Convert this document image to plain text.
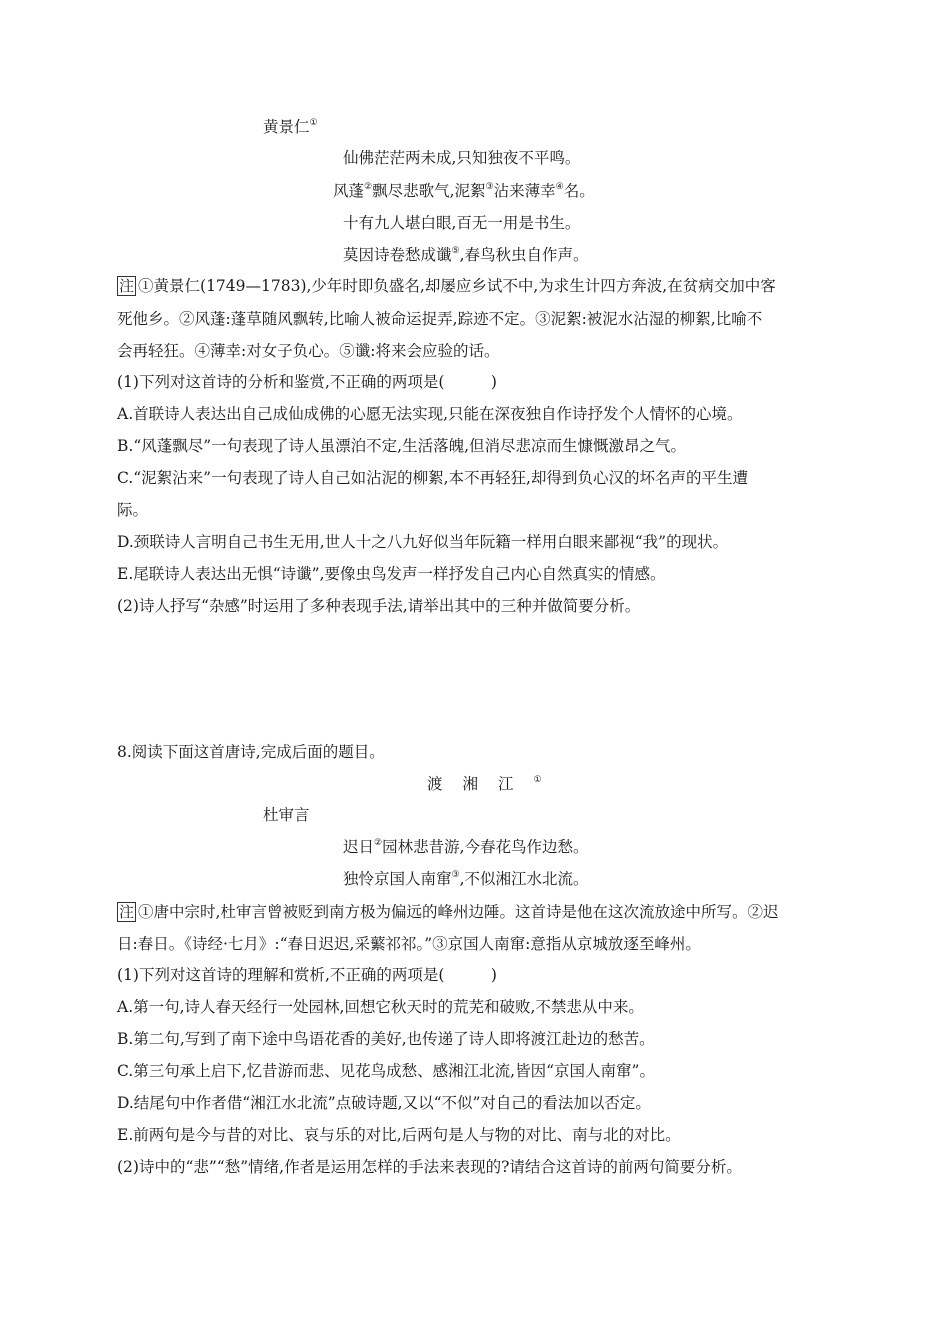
黄景仁①
仙佛茫茫两未成,只知独夜不平鸣。
风蓬②飘尽悲歌气,泥絮③沾来薄幸④名。
十有九人堪白眼,百无一用是书生。
莫因诗卷愁成谶⑤,春鸟秋虫自作声。
注 ①黄景仁(1749—1783),少年时即负盛名,却屡应乡试不中,为求生计四方奔波,在贫病交加中客
死他乡。②风蓬:蓬草随风飘转,比喻人被命运捉弄,踪迹不定。③泥絮:被泥水沾湿的柳絮,比喻不
会再轻狂。④薄幸:对女子负心。⑤谶:将来会应验的话。
(1)下列对这首诗的分析和鉴赏,不正确的两项是(　　　)
A.首联诗人表达出自己成仙成佛的心愿无法实现,只能在深夜独自作诗抒发个人情怀的心境。
B.“风蓬飘尽”一句表现了诗人虽漂泊不定,生活落魄,但消尽悲凉而生慷慨激昂之气。
C.“泥絮沾来”一句表现了诗人自己如沾泥的柳絮,本不再轻狂,却得到负心汉的坏名声的平生遭
际。
D.颈联诗人言明自己书生无用,世人十之八九好似当年阮籍一样用白眼来鄙视“我”的现状。
E.尾联诗人表达出无惧“诗谶”,要像虫鸟发声一样抒发自己内心自然真实的情感。
(2)诗人抒写“杂感”时运用了多种表现手法,请举出其中的三种并做简要分析。
8.阅读下面这首唐诗,完成后面的题目。
渡湘江①
杜审言
迟日②园林悲昔游,今春花鸟作边愁。
独怜京国人南窜③,不似湘江水北流。
注 ①唐中宗时,杜审言曾被贬到南方极为偏远的峰州边陲。这首诗是他在这次流放途中所写。②迟
日:春日。《诗经·七月》:“春日迟迟,采蘩祁祁。”③京国人南窜:意指从京城放逐至峰州。
(1)下列对这首诗的理解和赏析,不正确的两项是(　　　)
A.第一句,诗人春天经行一处园林,回想它秋天时的荒芜和破败,不禁悲从中来。
B.第二句,写到了南下途中鸟语花香的美好,也传递了诗人即将渡江赴边的愁苦。
C.第三句承上启下,忆昔游而悲、见花鸟成愁、感湘江北流,皆因“京国人南窜”。
D.结尾句中作者借“湘江水北流”点破诗题,又以“不似”对自己的看法加以否定。
E.前两句是今与昔的对比、哀与乐的对比,后两句是人与物的对比、南与北的对比。
(2)诗中的“悲”“愁”情绪,作者是运用怎样的手法来表现的?请结合这首诗的前两句简要分析。
